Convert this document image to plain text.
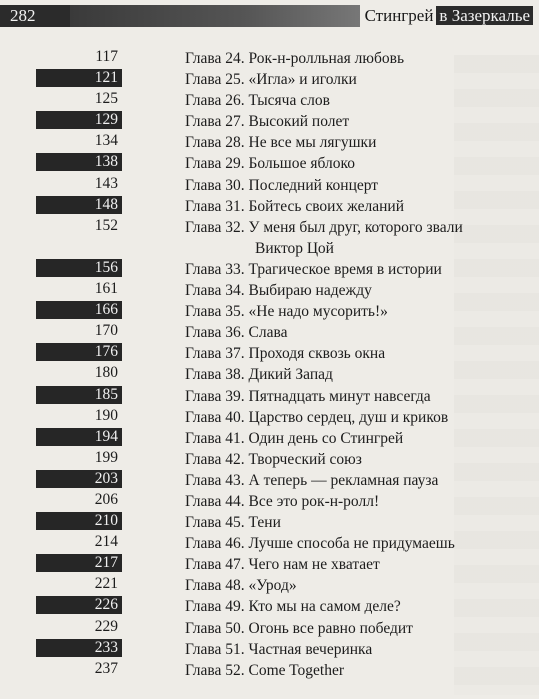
282	Стингрей в Зазеркалье
117	Глава 24. Рок-н-ролльная любовь
121	Глава 25. «Игла» и иголки
125	Глава 26. Тысяча слов
129	Глава 27. Высокий полет
134	Глава 28. Не все мы лягушки
138	Глава 29. Большое яблоко
143	Глава 30. Последний концерт
148	Глава 31. Бойтесь своих желаний
152	Глава 32. У меня был друг, которого звали
Виктор Цой
156	Глава 33. Трагическое время в истории
161	Глава 34. Выбираю надежду
166	Глава 35. «Не надо мусорить!»
170	Глава 36. Слава
176	Глава 37. Проходя сквозь окна
180	Глава 38. Дикий Запад
185	Глава 39. Пятнадцать минут навсегда
190	Глава 40. Царство сердец, душ и криков
194	Глава 41. Один день со Стингрей
199	Глава 42. Творческий союз
203	Глава 43. А теперь — рекламная пауза
206	Глава 44. Все это рок-н-ролл!
210	Глава 45. Тени
214	Глава 46. Лучше способа не придумаешь
217	Глава 47. Чего нам не хватает
221	Глава 48. «Урод»
226	Глава 49. Кто мы на самом деле?
229	Глава 50. Огонь все равно победит
233	Глава 51. Частная вечеринка
237	Глава 52. Come Together
